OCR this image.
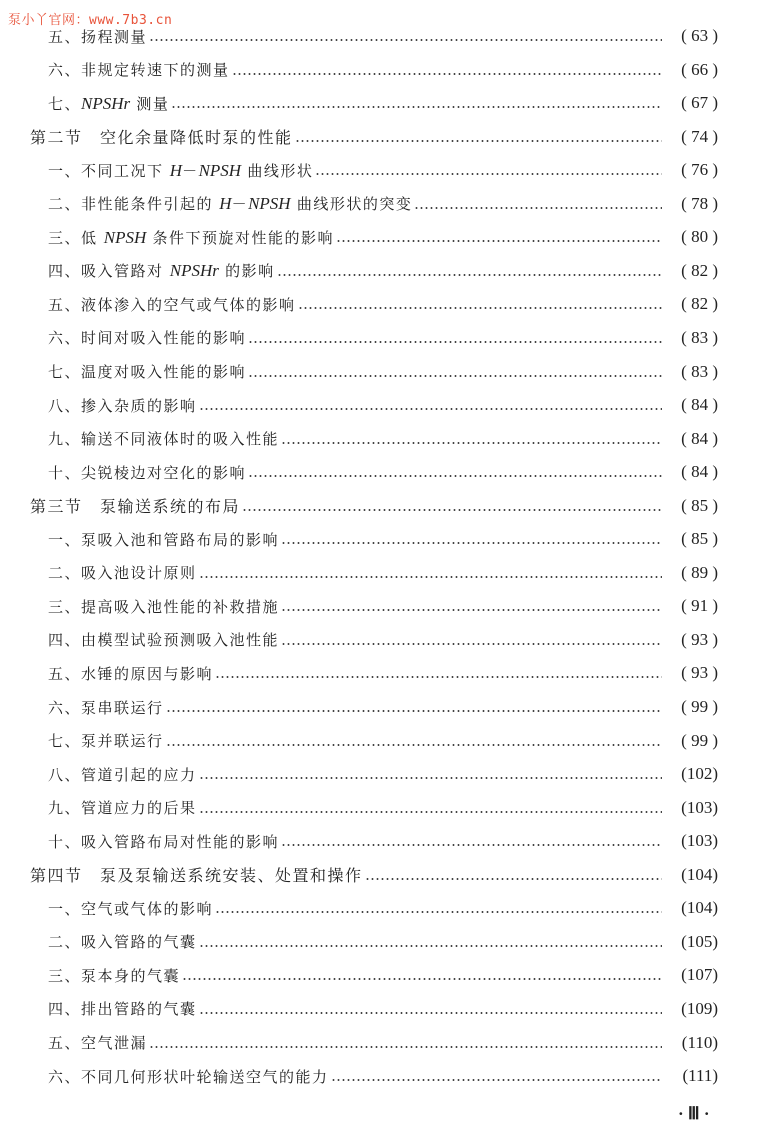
泵小丫官网：www.7b3.cn
五、扬程测量	( 63 )
六、非规定转速下的测量	( 66 )
七、NPSHr 测量	( 67 )
第二节　空化余量降低时泵的性能	( 74 )
一、不同工况下 H－NPSH 曲线形状	( 76 )
二、非性能条件引起的 H－NPSH 曲线形状的突变	( 78 )
三、低 NPSH 条件下预旋对性能的影响	( 80 )
四、吸入管路对 NPSHr 的影响	( 82 )
五、液体渗入的空气或气体的影响	( 82 )
六、时间对吸入性能的影响	( 83 )
七、温度对吸入性能的影响	( 83 )
八、掺入杂质的影响	( 84 )
九、输送不同液体时的吸入性能	( 84 )
十、尖锐棱边对空化的影响	( 84 )
第三节　泵输送系统的布局	( 85 )
一、泵吸入池和管路布局的影响	( 85 )
二、吸入池设计原则	( 89 )
三、提高吸入池性能的补救措施	( 91 )
四、由模型试验预测吸入池性能	( 93 )
五、水锤的原因与影响	( 93 )
六、泵串联运行	( 99 )
七、泵并联运行	( 99 )
八、管道引起的应力	(102)
九、管道应力的后果	(103)
十、吸入管路布局对性能的影响	(103)
第四节　泵及泵输送系统安装、处置和操作	(104)
一、空气或气体的影响	(104)
二、吸入管路的气囊	(105)
三、泵本身的气囊	(107)
四、排出管路的气囊	(109)
五、空气泄漏	(110)
六、不同几何形状叶轮输送空气的能力	(111)
· Ⅲ ·
